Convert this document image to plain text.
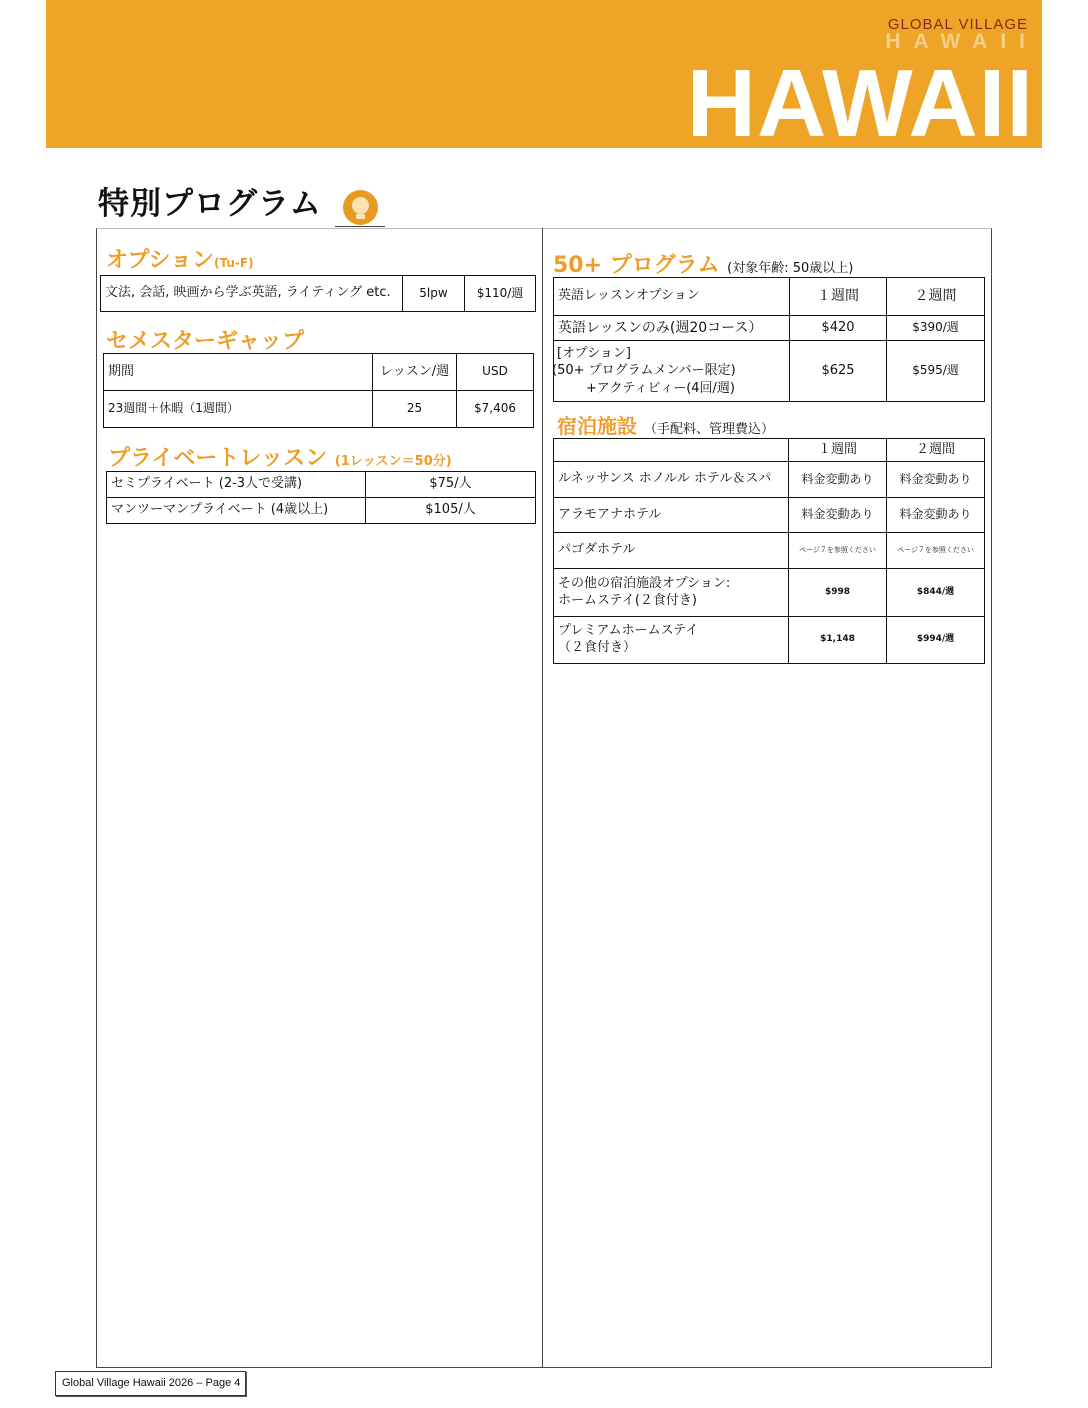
GLOBAL VILLAGE
HAWAII
HAWAII
特別プログラム
オプション(Tu-F)
文法, 会話, 映画から学ぶ英語, ライティング etc.	5lpw	$110/週
セメスターギャップ
期間	レッスン/週	USD
23週間＋休暇（1週間）	25	$7,406
プライベートレッスン (1レッスン＝50分)
セミプライベート (2-3人で受講)	$75/人
マンツーマンプライベート (4歳以上)	$105/人
50+ プログラム (対象年齢: 50歳以上)
英語レッスンオプション	１週間	２週間
英語レッスンのみ(週20コース）	$420	$390/週

[オプション]
(50+ プログラムメンバー限定)
+アクティビィー(4回/週)	$625	$595/週
宿泊施設 （手配料、管理費込）
	１週間	２週間
ルネッサンス ホノルル ホテル＆スパ	料金変動あり	料金変動あり
アラモアナホテル	料金変動あり	料金変動あり
パゴダホテル	ページ７を参照ください	ページ７を参照ください

その他の宿泊施設オプション:
ホームステイ(２食付き)	$998	$844/週

プレミアムホームステイ
（２食付き）	$1,148	$994/週
Global Village Hawaii 2026 – Page 4
